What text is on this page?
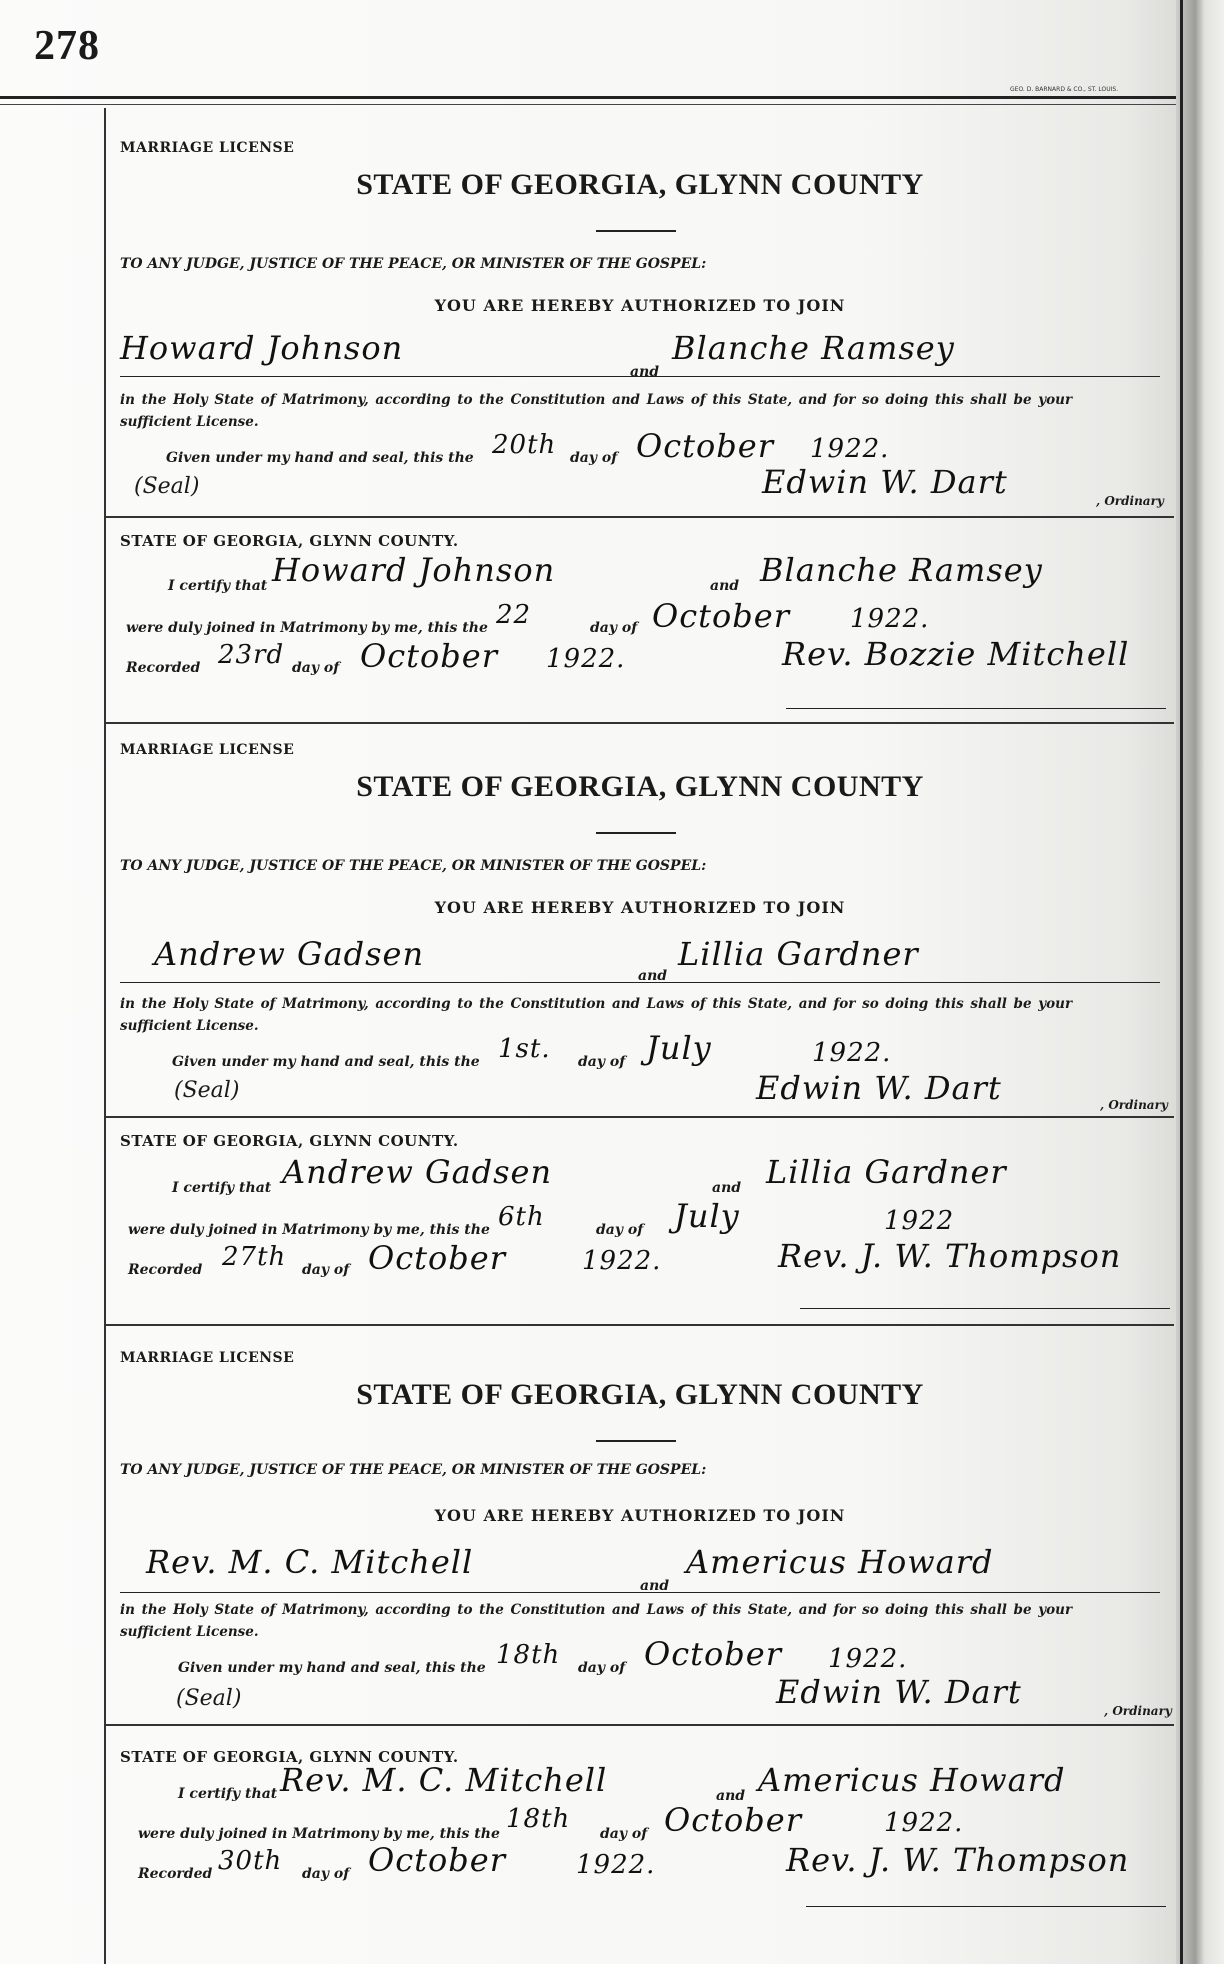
278
GEO. D. BARNARD & CO., ST. LOUIS.
MARRIAGE LICENSE
STATE OF GEORGIA, GLYNN COUNTY
TO ANY JUDGE, JUSTICE OF THE PEACE, OR MINISTER OF THE GOSPEL:
YOU ARE HEREBY AUTHORIZED TO JOIN
Howard Johnson
and
Blanche Ramsey
in the Holy State of Matrimony, according to the Constitution and Laws of this State, and for so doing this shall be your
sufficient License.
Given under my hand and seal, this the 20th day of October 1922.
(Seal)	Edwin W. Dart	, Ordinary
STATE OF GEORGIA, GLYNN COUNTY.
I certify that Howard Johnson	and Blanche Ramsey
were duly joined in Matrimony by me, this the 22	day of October 1922.
Recorded 23rd day of October 1922.	Rev. Bozzie Mitchell
MARRIAGE LICENSE
STATE OF GEORGIA, GLYNN COUNTY
TO ANY JUDGE, JUSTICE OF THE PEACE, OR MINISTER OF THE GOSPEL:
YOU ARE HEREBY AUTHORIZED TO JOIN
Andrew Gadsen
and
Lillia Gardner
in the Holy State of Matrimony, according to the Constitution and Laws of this State, and for so doing this shall be your
sufficient License.
Given under my hand and seal, this the 1st. day of July	1922.
(Seal)	Edwin W. Dart	, Ordinary
STATE OF GEORGIA, GLYNN COUNTY.
I certify that Andrew Gadsen	and Lillia Gardner
were duly joined in Matrimony by me, this the 6th	day of July	1922
Recorded 27th day of October	1922.	Rev. J. W. Thompson
MARRIAGE LICENSE
STATE OF GEORGIA, GLYNN COUNTY
TO ANY JUDGE, JUSTICE OF THE PEACE, OR MINISTER OF THE GOSPEL:
YOU ARE HEREBY AUTHORIZED TO JOIN
Rev. M. C. Mitchell
and
Americus Howard
in the Holy State of Matrimony, according to the Constitution and Laws of this State, and for so doing this shall be your
sufficient License.
Given under my hand and seal, this the 18th day of October 1922.
(Seal)	Edwin W. Dart	, Ordinary
STATE OF GEORGIA, GLYNN COUNTY.
I certify that Rev. M. C. Mitchell	and Americus Howard
were duly joined in Matrimony by me, this the 18th day of October	1922.
Recorded 30th day of October	1922.	Rev. J. W. Thompson
